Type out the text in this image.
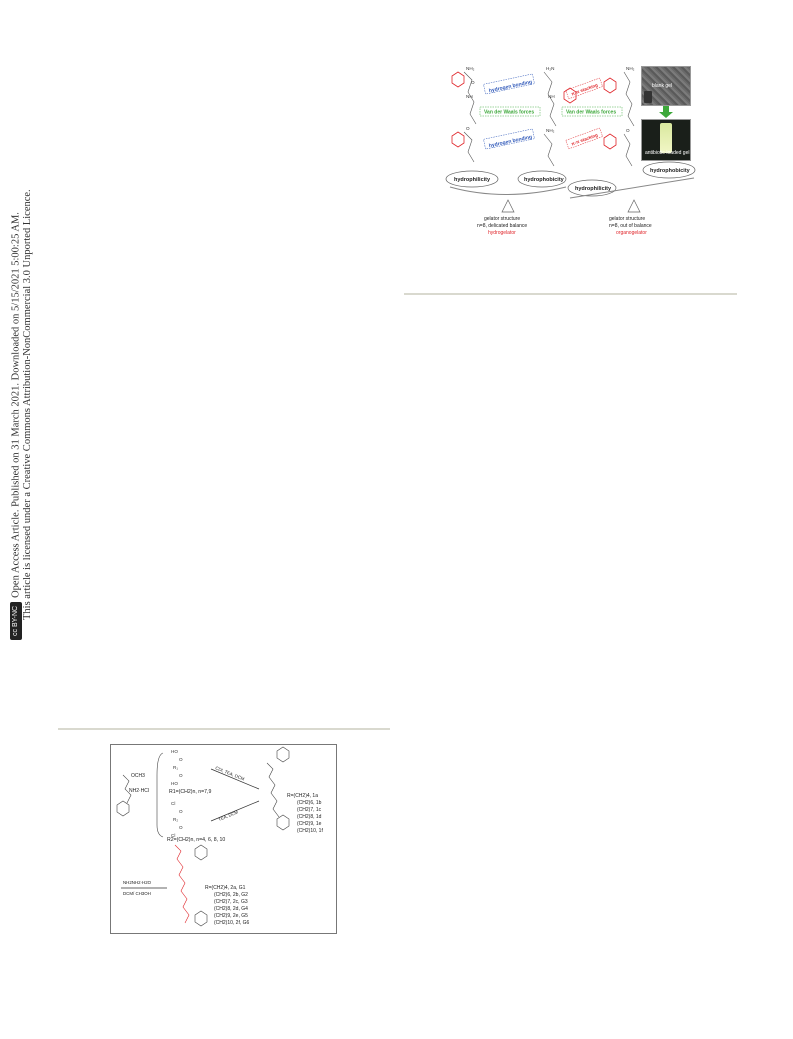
cc BY-NCOpen Access Article. Published on 31 March 2021. Downloaded on 5/15/2021 5:00:25 AM. This article is licensed under a Creative Commons Attribution-NonCommercial 3.0 Unported Licence.
hydrogen bonding
hydrogen bonding
π-π stacking
π-π stacking
Van der Waals forces	Van der Waals forces
NH₂
O
NH
H₂N
NH
NH₂
O	NH₂	O
hydrophilicity	hydrophobicity
gelator structure
n=8, delicated balance
hydrogelator
hydrophilicity
hydrophobicity
gelator structure
n=8, out of balance
organogelator
blank gel
antibiotic-loaded gel
OCH3
NH2·HCl
HO
O
R₁
O
HO
Cl
O
R₂
O
Cl
R1=(CH2)n, n=7,9
R2=(CH2)n, n=4, 6, 8, 10
CDI, TEA, DCM
TEA, DCM
R=(CH2)4, 1a
(CH2)6, 1b
(CH2)7, 1c
(CH2)8, 1d
(CH2)9, 1e
(CH2)10, 1f
NH2NH2·H2O
DCM/ CH3OH
R=(CH2)4, 2a, G1
(CH2)6, 2b, G2
(CH2)7, 2c, G3
(CH2)8, 2d, G4
(CH2)9, 2e, G5
(CH2)10, 2f, G6
